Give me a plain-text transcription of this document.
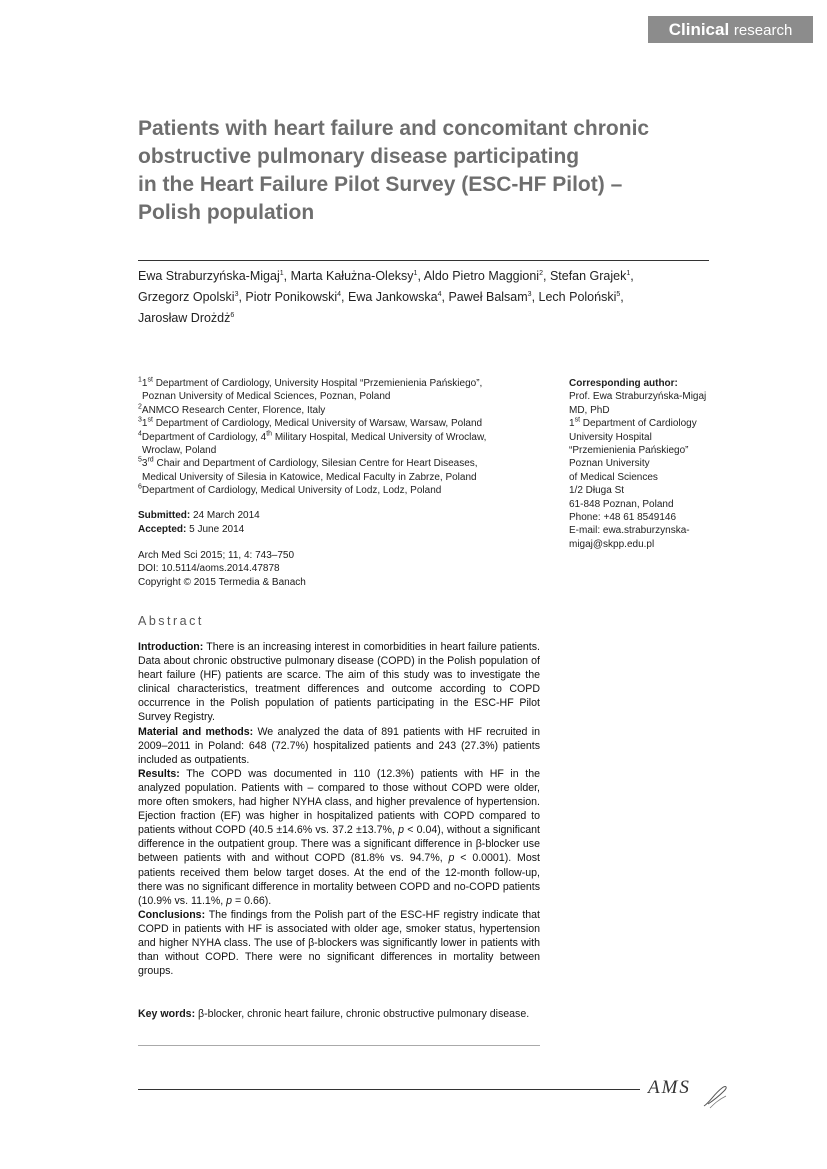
Clinical research
Patients with heart failure and concomitant chronic
obstructive pulmonary disease participating
in the Heart Failure Pilot Survey (ESC-HF Pilot) –
Polish population
Ewa Straburzyńska-Migaj$^1$, Marta Kałużna-Oleksy$^1$, Aldo Pietro Maggioni$^2$, Stefan Grajek$^1$,
Grzegorz Opolski$^3$, Piotr Ponikowski$^4$, Ewa Jankowska$^4$, Paweł Balsam$^3$, Lech Poloński$^5$,
Jarosław Drożdż$^6$
$^1$1st Department of Cardiology, University Hospital “Przemienienia Pańskiego”,
Poznan University of Medical Sciences, Poznan, Poland
$^2$ANMCO Research Center, Florence, Italy
$^3$1st Department of Cardiology, Medical University of Warsaw, Warsaw, Poland
$^4$Department of Cardiology, 4th Military Hospital, Medical University of Wroclaw,
Wroclaw, Poland
$^5$3rd Chair and Department of Cardiology, Silesian Centre for Heart Diseases,
Medical University of Silesia in Katowice, Medical Faculty in Zabrze, Poland
$^6$Department of Cardiology, Medical University of Lodz, Lodz, Poland
Submitted: 24 March 2014
Accepted: 5 June 2014
Arch Med Sci 2015; 11, 4: 743–750
DOI: 10.5114/aoms.2014.47878
Copyright © 2015 Termedia & Banach
Corresponding author:
Prof. Ewa Straburzyńska-Migaj
MD, PhD
1st Department of Cardiology
University Hospital
“Przemienienia Pańskiego”
Poznan University
of Medical Sciences
1/2 Długa St
61-848 Poznan, Poland
Phone: +48 61 8549146
E-mail: ewa.straburzynska-
migaj@skpp.edu.pl
Abstract

Introduction: There is an increasing interest in comorbidities in heart failure patients. Data about chronic obstructive pulmonary disease (COPD) in the Polish population of heart failure (HF) patients are scarce. The aim of this study was to investigate the clinical characteristics, treatment differences and outcome according to COPD occurrence in the Polish population of patients participating in the ESC-HF Pilot Survey Registry.

Material and methods: We analyzed the data of 891 patients with HF recruited in 2009–2011 in Poland: 648 (72.7%) hospitalized patients and 243 (27.3%) patients included as outpatients.

Results: The COPD was documented in 110 (12.3%) patients with HF in the analyzed population. Patients with – compared to those without COPD were older, more often smokers, had higher NYHA class, and higher prevalence of hypertension. Ejection fraction (EF) was higher in hospitalized patients with COPD compared to patients without COPD (40.5 ±14.6% vs. 37.2 ±13.7%, p < 0.04), without a significant difference in the outpatient group. There was a significant difference in β-blocker use between patients with and without COPD (81.8% vs. 94.7%, p < 0.0001). Most patients received them below target doses. At the end of the 12-month follow-up, there was no significant difference in mortality between COPD and no-COPD patients (10.9% vs. 11.1%, p = 0.66).

Conclusions: The findings from the Polish part of the ESC-HF registry indicate that COPD in patients with HF is associated with older age, smoker status, hypertension and higher NYHA class. The use of β-blockers was significantly lower in patients with than without COPD. There were no significant differences in mortality between groups.

Key words: β-blocker, chronic heart failure, chronic obstructive pulmonary disease.
AMS
